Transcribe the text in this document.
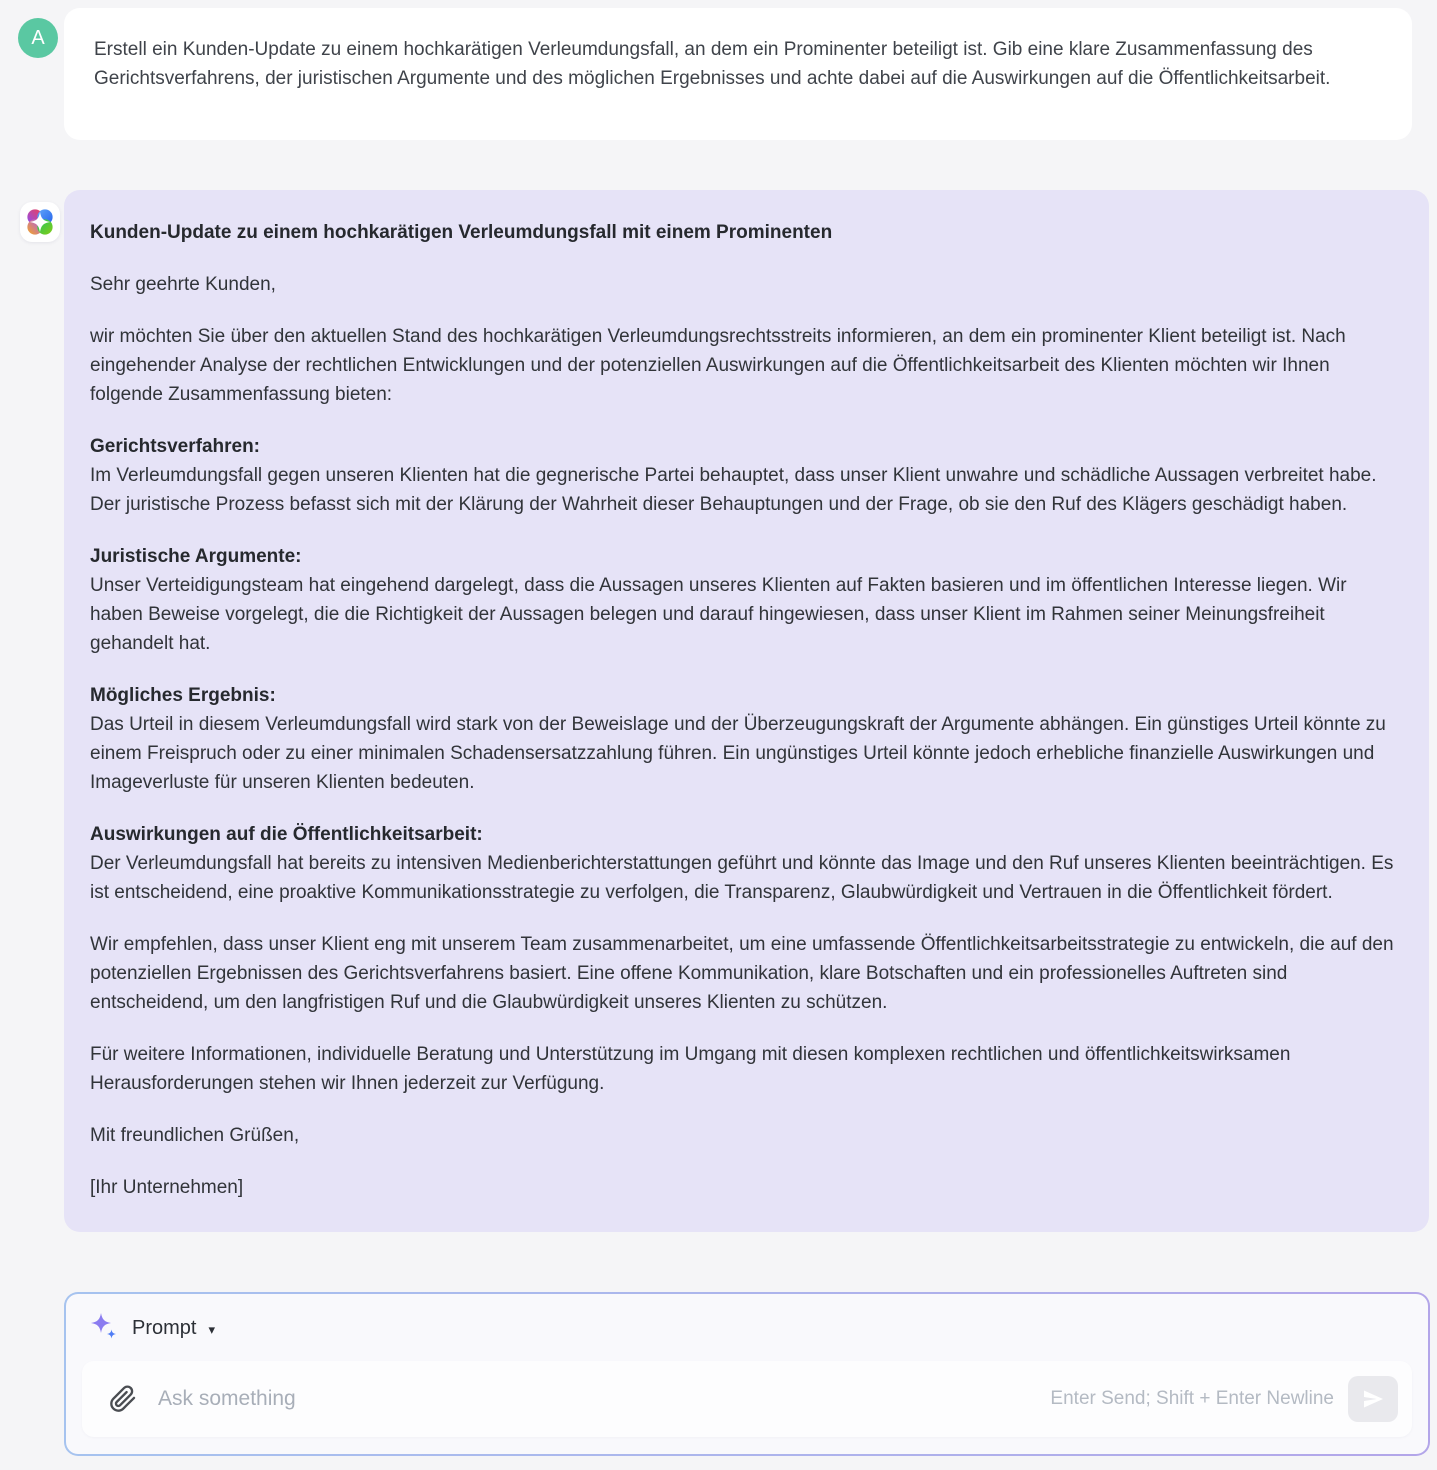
A

Erstell ein Kunden-Update zu einem hochkarätigen Verleumdungsfall, an dem ein Prominenter beteiligt ist. Gib eine klare Zusammenfassung des Gerichtsverfahrens, der juristischen Argumente und des möglichen Ergebnisses und achte dabei auf die Auswirkungen auf die Öffentlichkeitsarbeit.

Kunden-Update zu einem hochkarätigen Verleumdungsfall mit einem Prominenten

Sehr geehrte Kunden,

wir möchten Sie über den aktuellen Stand des hochkarätigen Verleumdungsrechtsstreits informieren, an dem ein prominenter Klient beteiligt ist. Nach eingehender Analyse der rechtlichen Entwicklungen und der potenziellen Auswirkungen auf die Öffentlichkeitsarbeit des Klienten möchten wir Ihnen folgende Zusammenfassung bieten:

Gerichtsverfahren:
Im Verleumdungsfall gegen unseren Klienten hat die gegnerische Partei behauptet, dass unser Klient unwahre und schädliche Aussagen verbreitet habe. Der juristische Prozess befasst sich mit der Klärung der Wahrheit dieser Behauptungen und der Frage, ob sie den Ruf des Klägers geschädigt haben.

Juristische Argumente:
Unser Verteidigungsteam hat eingehend dargelegt, dass die Aussagen unseres Klienten auf Fakten basieren und im öffentlichen Interesse liegen. Wir haben Beweise vorgelegt, die die Richtigkeit der Aussagen belegen und darauf hingewiesen, dass unser Klient im Rahmen seiner Meinungsfreiheit gehandelt hat.

Mögliches Ergebnis:
Das Urteil in diesem Verleumdungsfall wird stark von der Beweislage und der Überzeugungskraft der Argumente abhängen. Ein günstiges Urteil könnte zu einem Freispruch oder zu einer minimalen Schadensersatzzahlung führen. Ein ungünstiges Urteil könnte jedoch erhebliche finanzielle Auswirkungen und Imageverluste für unseren Klienten bedeuten.

Auswirkungen auf die Öffentlichkeitsarbeit:
Der Verleumdungsfall hat bereits zu intensiven Medienberichterstattungen geführt und könnte das Image und den Ruf unseres Klienten beeinträchtigen. Es ist entscheidend, eine proaktive Kommunikationsstrategie zu verfolgen, die Transparenz, Glaubwürdigkeit und Vertrauen in die Öffentlichkeit fördert.

Wir empfehlen, dass unser Klient eng mit unserem Team zusammenarbeitet, um eine umfassende Öffentlichkeitsarbeitsstrategie zu entwickeln, die auf den potenziellen Ergebnissen des Gerichtsverfahrens basiert. Eine offene Kommunikation, klare Botschaften und ein professionelles Auftreten sind entscheidend, um den langfristigen Ruf und die Glaubwürdigkeit unseres Klienten zu schützen.

Für weitere Informationen, individuelle Beratung und Unterstützung im Umgang mit diesen komplexen rechtlichen und öffentlichkeitswirksamen Herausforderungen stehen wir Ihnen jederzeit zur Verfügung.

Mit freundlichen Grüßen,

[Ihr Unternehmen]

Prompt ▾
Ask something
Enter Send; Shift + Enter Newline
